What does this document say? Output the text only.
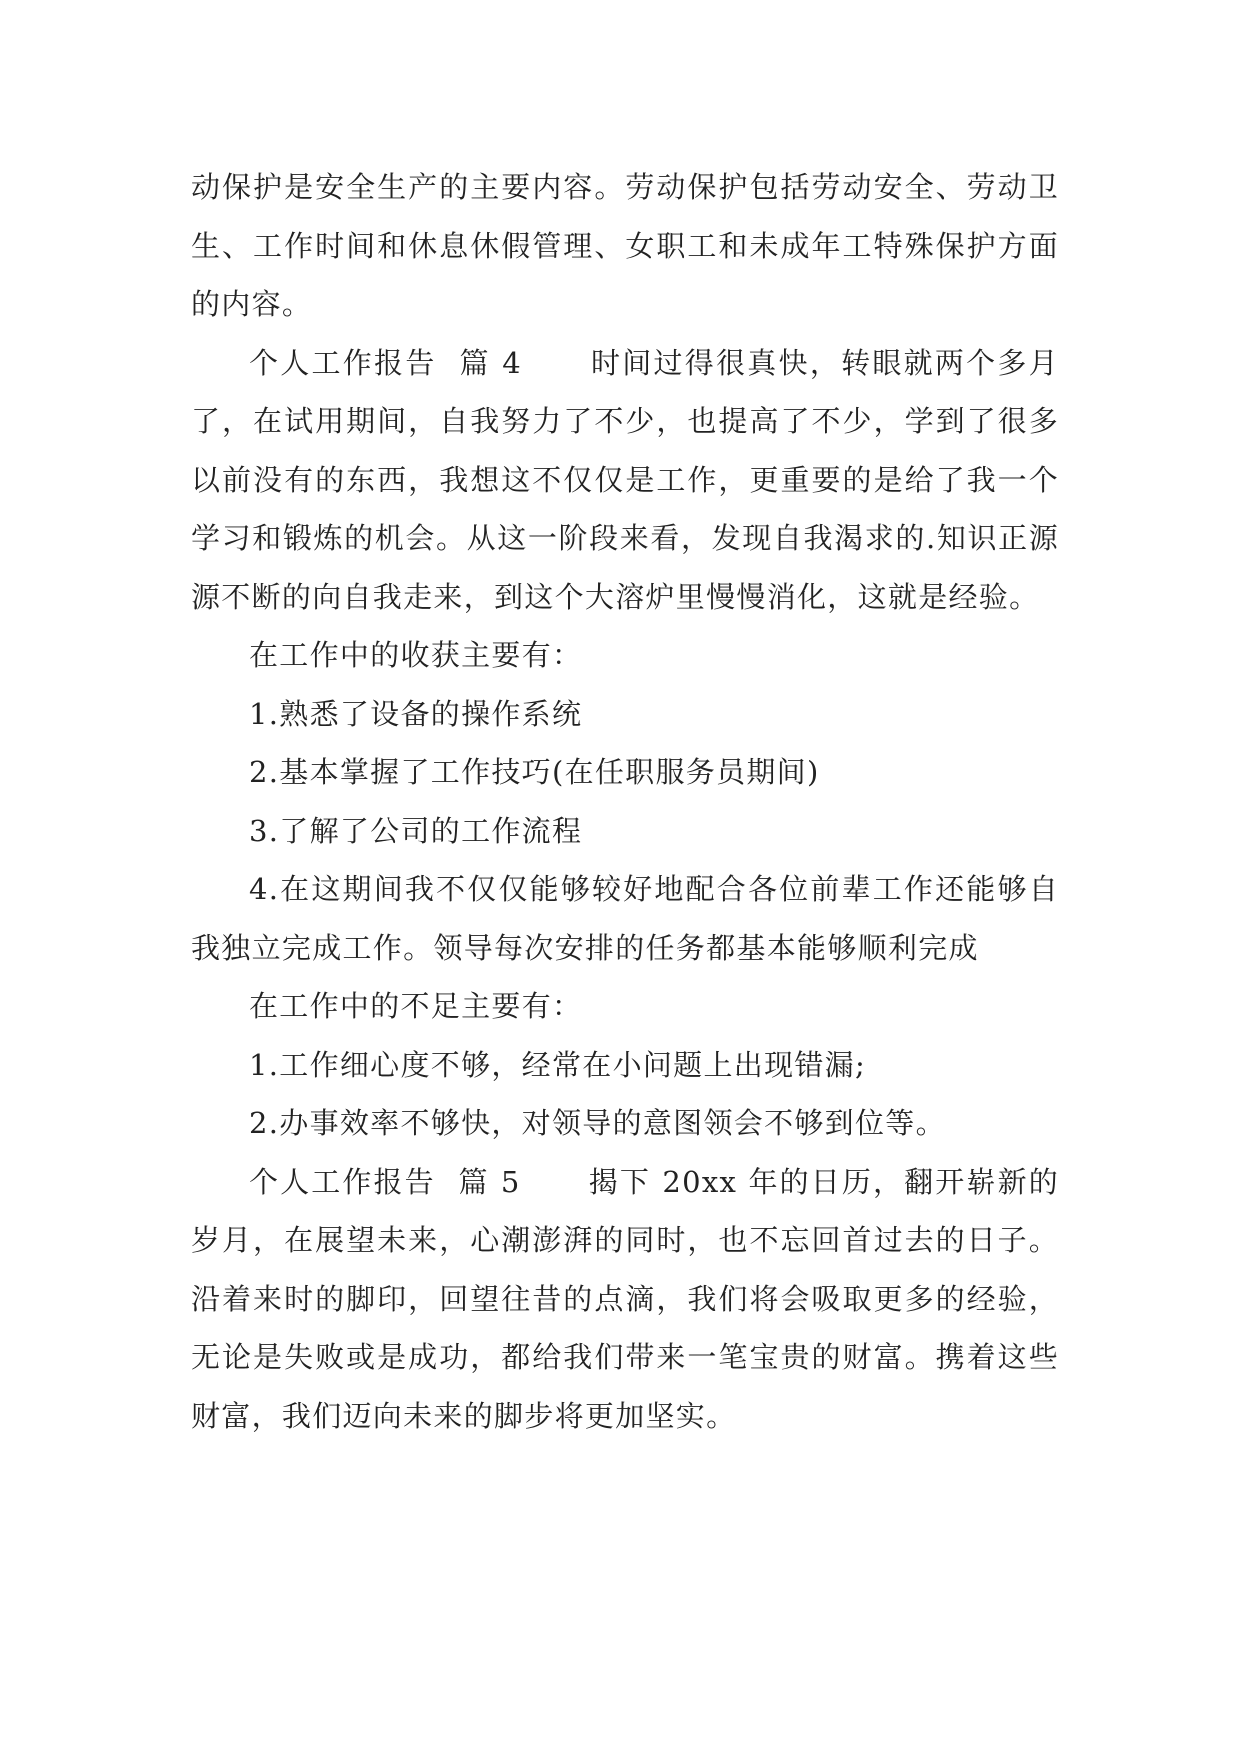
动保护是安全生产的主要内容。劳动保护包括劳动安全、劳动卫生、工作时间和休息休假管理、女职工和未成年工特殊保护方面的内容。

个人工作报告  篇 4 时间过得很真快，转眼就两个多月了，在试用期间，自我努力了不少，也提高了不少，学到了很多以前没有的东西，我想这不仅仅是工作，更重要的是给了我一个学习和锻炼的机会。从这一阶段来看，发现自我渴求的.知识正源源不断的向自我走来，到这个大溶炉里慢慢消化，这就是经验。

在工作中的收获主要有：

1.熟悉了设备的操作系统

2.基本掌握了工作技巧(在任职服务员期间)

3.了解了公司的工作流程

4.在这期间我不仅仅能够较好地配合各位前辈工作还能够自我独立完成工作。领导每次安排的任务都基本能够顺利完成

在工作中的不足主要有：

1.工作细心度不够，经常在小问题上出现错漏;

2.办事效率不够快，对领导的意图领会不够到位等。

个人工作报告  篇 5 揭下 20xx 年的日历，翻开崭新的岁月，在展望未来，心潮澎湃的同时，也不忘回首过去的日子。沿着来时的脚印，回望往昔的点滴，我们将会吸取更多的经验，无论是失败或是成功，都给我们带来一笔宝贵的财富。携着这些财富，我们迈向未来的脚步将更加坚实。
